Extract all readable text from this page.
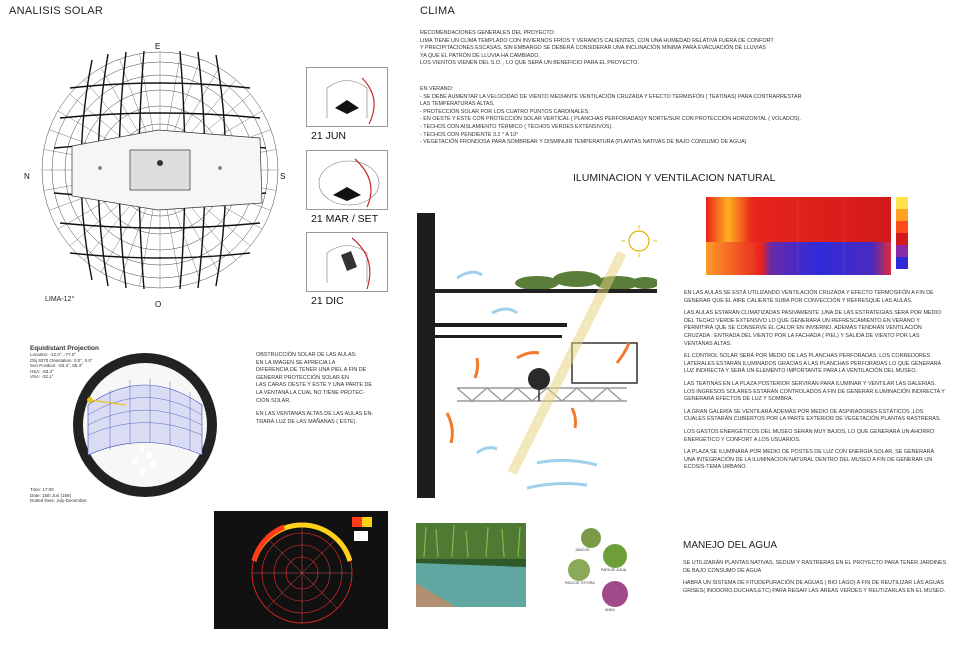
ANALISIS SOLAR
E
O
N	S
LIMA-12°
21 JUN
21 MAR / SET
21 DIC
Equidistant Projection
Location: -12.0°, -77.0°
Obj 9370 Orientation: 0.0°, 0.0°
Sun Position: -83.3°, 55.3°
HSA: -83.3°
VSA: -32.1°
Time: 17:00
Date: 15th Jun (166)
Dotted lines: July-December.
OBSTRUCCIÓN SOLAR DE LAS AULAS:
EN LA IMAGEN SE APRECIA LA
DIFERENCIA DE TENER UNA PIEL A FIN DE
GENERAR PROTECCIÓN SOLAR EN
LAS CARAS OESTE Y ESTE Y UNA PARTE DE
LA VENTANA LA CUAL NO TIENE PROTEC-
CIÓN SOLAR.
EN LAS VENTANAS ALTAS DE LAS AULAS EN-
TRARÁ LUZ DE LAS MAÑANAS ( ESTE).
CLIMA
RECOMENDACIONES GENERALES DEL PROYECTO:
LIMA TIENE UN CLIMA TEMPLADO CON INVIERNOS FRÍOS Y VERANOS CALIENTES, CON UNA HUMEDAD RELATIVA FUERA DE CONFORT
Y PRECIPITACIONES ESCASAS, SIN EMBARGO SE DEBERÁ CONSIDERAR UNA INCLINACIÓN MÍNIMA PARA EVACUACIÓN DE LLUVIAS
YA QUE EL PATRÓN DE LLUVIA HA CAMBIADO.
LOS VIENTOS VIENEN DEL S.O. , LO QUE SERÁ UN BENEFICIO PARA EL PROYECTO.
EN VERANO:
- SE DEBE AUMENTAR LA VELOCIDAD DE VIENTO MEDIANTE VENTILACIÓN CRUZADA Y EFECTO TERMISFÓN ( TEATINAS) PARA CONTRARRESTAR
LAS TEMPERATURAS ALTAS.
- PROTECCIÓN SOLAR POR LOS CUATRO PUNTOS CARDINALES.
- EN OESTE Y ESTE CON PROTECCIÓN SOLAR VERTICAL ( PLANCHAS PERFORADAS)Y NORTE/SUR CON PROTECCIÓN HORIZONTAL ( VOLADOS).
- TECHOS CON AISLAMIENTO TÉRMICO ( TECHOS VERDES EXTENSIVOS).
- TECHOS CON PENDIENTE 3.2 ° A 10°
- VEGETACIÓN FRONDOSA PARA SOMBREAR Y DISMINUIR TEMPERATURA (PLANTAS NATIVAS DE BAJO CONSUMO DE AGUA)
ILUMINACION Y VENTILACION NATURAL

EN LAS AULAS SE ESTÁ UTILIZANDO VENTILACIÓN CRUZADA Y EFECTO TERMOSIFÓN A FIN DE GENERAR QUE EL AIRE CALIENTE SUBA POR CONVECCIÓN Y REFRESQUE LAS AULAS.

LAS AULAS ESTARÁN CLIMATIZADAS PASIVAMENTE ,UNA DE LAS ESTRATEGIAS SERÁ POR MEDIO DEL TECHO VERDE EXTENSIVO LO QUE GENERARÁ UN REFRESCAMIENTO EN VERANO Y PERMITIRÁ QUE SE CONSERVE EL CALOR EN INVIERNO, ADEMÁS TENDRÁN VENTILACIÓN CRUZADA : ENTRADA DEL VIENTO POR LA FACHADA ( PIEL) Y SALIDA DE VIENTO POR LAS VENTANAS ALTAS.

EL CONTROL SOLAR SERÁ POR MEDIO DE LAS PLANCHAS PERFORADAS. LOS CORREDORES LATERALES ESTARÁN ILUMINADOS GRACIAS A LAS PLANCHAS PERFORADAS LO QUE GENERARÁ LUZ INDIRECTA Y SERÁ UN ELEMENTO IMPORTANTE PARA LA VENTILACIÓN DEL MUSEO.

LAS TEATINAS EN LA PLAZA POSTERIOR SERVIRÁN PARA ILUMINAR Y VENTILAR LAS GALERÍAS. LOS INGRESOS SOLARES ESTARÁN CONTROLADOS A FIN DE GENERAR ILUMINACIÓN INDIRECTA Y GENERARÁ EFECTOS DE LUZ Y SOMBRA.

LA GRAN GALERÍA SE VENTILARÁ ADEMÁS POR MEDIO DE ASPIRADORES ESTÁTICOS ,LOS CUALES ESTARÁN CUBIERTOS POR LA PARTE EXTERIOR DE VEGETACIÓN PLANTAS RASTRERAS.

LOS GASTOS ENERGÉTICOS DEL MUSEO SERÁN MUY BAJOS, LO QUE GENERARÁ UN AHORRO ENERGÉTICO Y CONFORT A LOS USUARIOS.

LA PLAZA SE ILUMINARÁ POR MEDIO DE POSTES DE LUZ CON ENERGÍA SOLAR, SE GENERARÁ UNA INTEGRACIÓN DE LA ILUMINACION NATURAL DENTRO DEL MUSEO A FIN DE GENERAR UN ECOSIS-TEMA URBANO.

JUNCOS
PAPA DE AGUA
PASCOS TOTORA
ANEA
MANEJO DEL AGUA

SE UTILIZARÁN PLANTAS NATIVAS, SEDUM Y RASTRERAS EN EL PROYECTO PARA TENER JARDINES DE BAJO CONSUMO DE AGUA

HABRÁ UN SISTEMA DE FITUDEPURACIÓN DE AGUAS ( BIO LAGO) A FIN DE REUTILIZAR LAS AGUAS GRISES( INODORO,DUCHAS,ETC) PARA REGAR LAS ÁREAS VERDES Y REUTIZARLAS EN EL MUSEO.
